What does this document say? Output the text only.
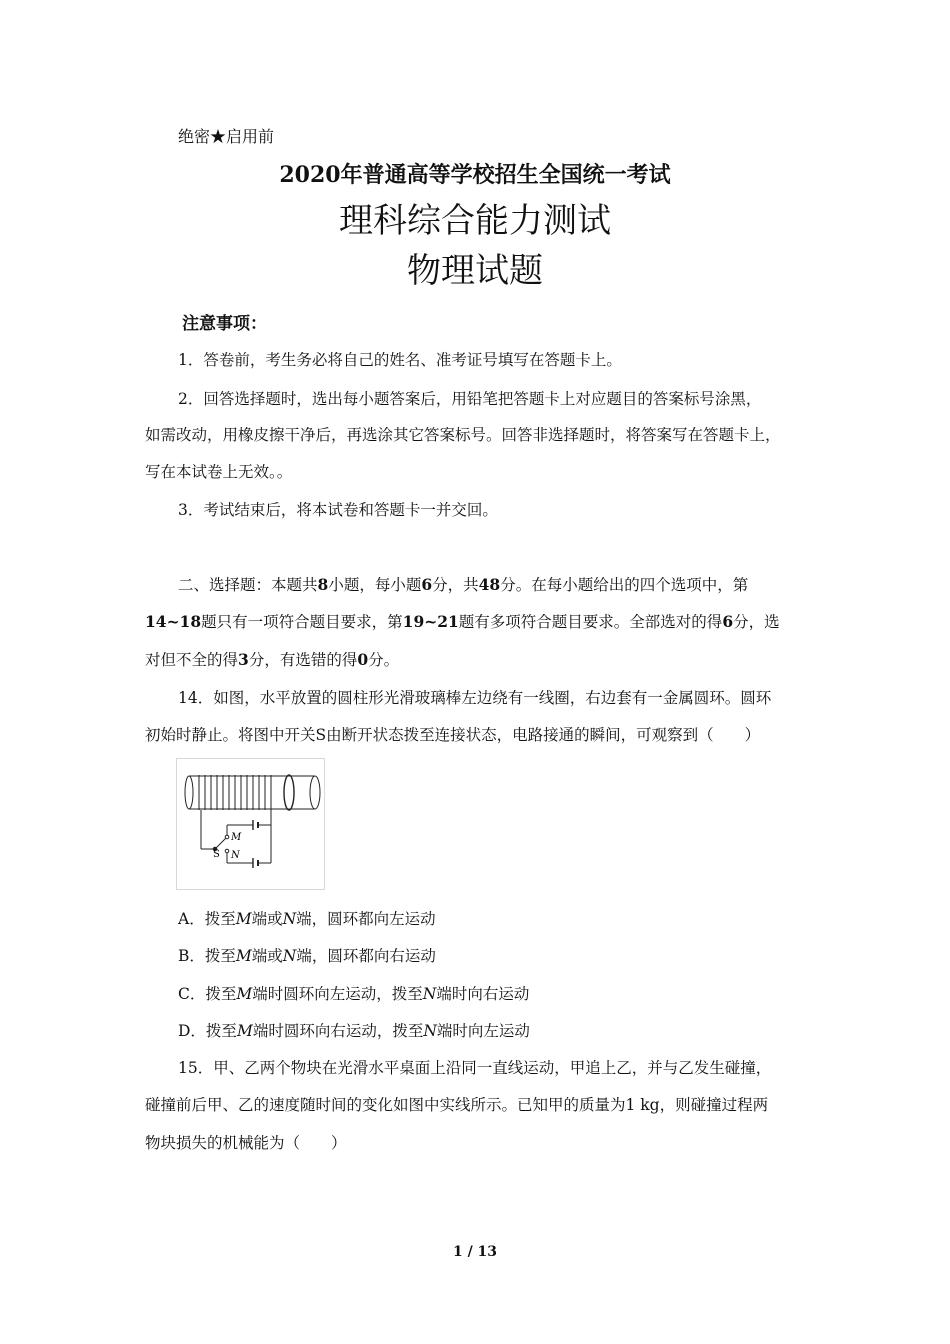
绝密★启用前
2020年普通高等学校招生全国统一考试
理科综合能力测试
物理试题
注意事项：
1．答卷前，考生务必将自己的姓名、准考证号填写在答题卡上。
2．回答选择题时，选出每小题答案后，用铅笔把答题卡上对应题目的答案标号涂黑，
如需改动，用橡皮擦干净后，再选涂其它答案标号。回答非选择题时，将答案写在答题卡上，
写在本试卷上无效。。
3．考试结束后，将本试卷和答题卡一并交回。
二、选择题：本题共8小题，每小题6分，共48分。在每小题给出的四个选项中，第
14~18题只有一项符合题目要求，第19~21题有多项符合题目要求。全部选对的得6分，选
对但不全的得3分，有选错的得0分。
14．如图，水平放置的圆柱形光滑玻璃棒左边绕有一线圈，右边套有一金属圆环。圆环
初始时静止。将图中开关S由断开状态拨至连接状态，电路接通的瞬间，可观察到（　　）
M
S N
A．拨至M端或N端，圆环都向左运动
B．拨至M端或N端，圆环都向右运动
C．拨至M端时圆环向左运动，拨至N端时向右运动
D．拨至M端时圆环向右运动，拨至N端时向左运动
15．甲、乙两个物块在光滑水平桌面上沿同一直线运动，甲追上乙，并与乙发生碰撞，
碰撞前后甲、乙的速度随时间的变化如图中实线所示。已知甲的质量为1 kg，则碰撞过程两
物块损失的机械能为（　　）
1 / 13
